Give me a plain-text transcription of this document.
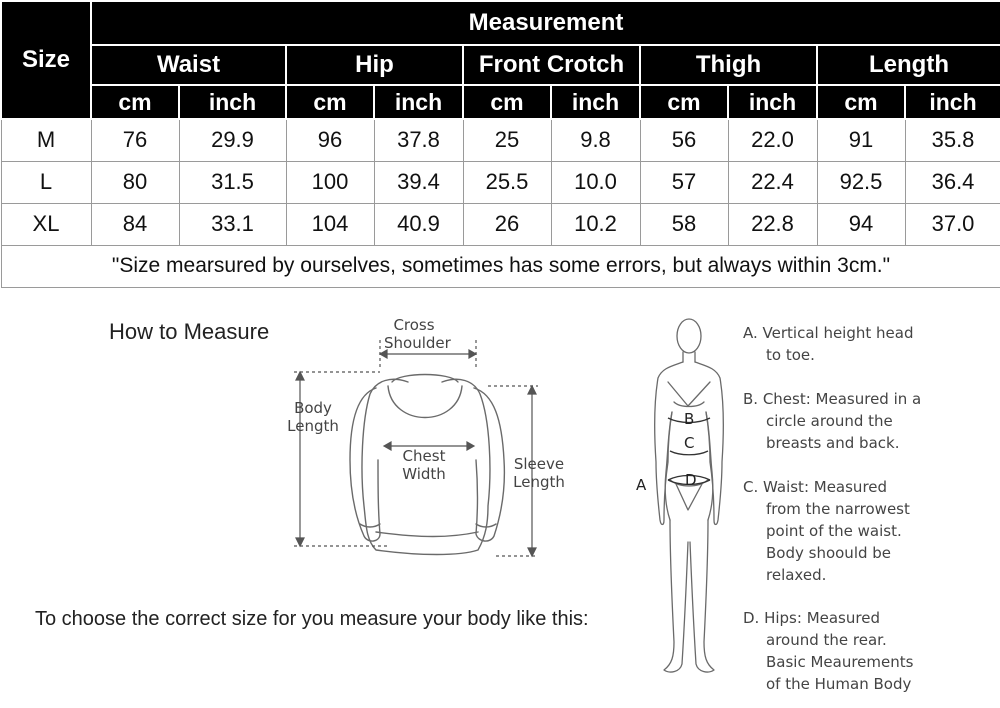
Size	Measurement									
	Waist		Hip		Front Crotch		Thigh		Length	
	cm	inch	cm	inch	cm	inch	cm	inch	cm	inch
M	76	29.9	96	37.8	25	9.8	56	22.0	91	35.8
L	80	31.5	100	39.4	25.5	10.0	57	22.4	92.5	36.4
XL	84	33.1	104	40.9	26	10.2	58	22.8	94	37.0
"Size mearsured by ourselves, sometimes has some errors, but always within 3cm."										
How to Measure
To choose the correct size for you measure your body like this:
Cross
Shoulder
Body
Length
Chest
Width
Sleeve
Length
B
C
D
A
A. Vertical height head
to toe.
B. Chest: Measured in a
circle around the
breasts and back.
C. Waist: Measured
from the narrowest
point of the waist.
Body shoould be
relaxed.
D. Hips: Measured
around the rear.
Basic Meaurements
of the Human Body
